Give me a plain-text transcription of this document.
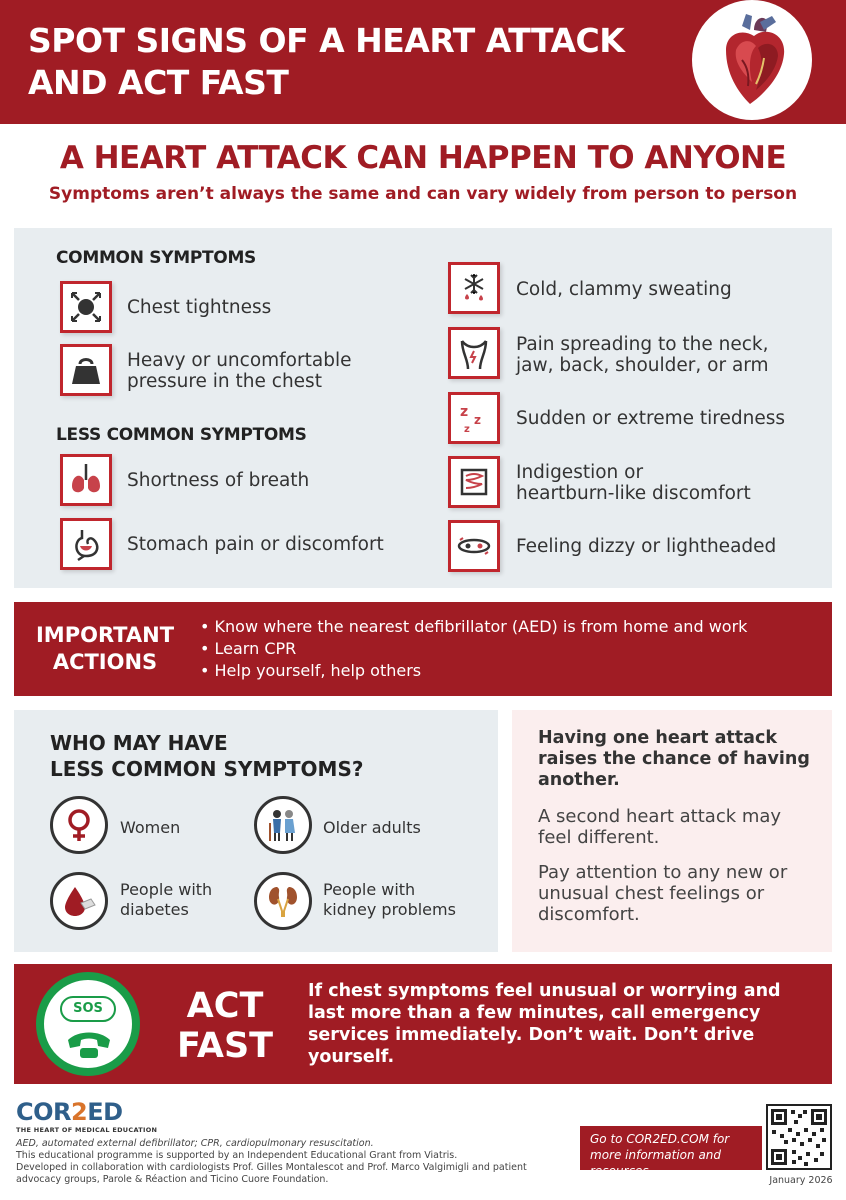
SPOT SIGNS OF A HEART ATTACK
AND ACT FAST
A HEART ATTACK CAN HAPPEN TO ANYONE
Symptoms aren’t always the same and can vary widely from person to person
COMMON SYMPTOMS
Chest tightness
Heavy or uncomfortable
pressure in the chest
LESS COMMON SYMPTOMS
Shortness of breath
Stomach pain or discomfort
Cold, clammy sweating
Pain spreading to the neck,
jaw, back, shoulder, or arm
z z
z
Sudden or extreme tiredness
Indigestion or
heartburn-like discomfort
Feeling dizzy or lightheaded
IMPORTANT
ACTIONS
• Know where the nearest defibrillator (AED) is from home and work
• Learn CPR
• Help yourself, help others
WHO MAY HAVE
LESS COMMON SYMPTOMS?
Women	Older adults
People with
diabetes
People with
kidney problems
Having one heart attack raises the chance of having another.
A second heart attack may feel different.
Pay attention to any new or unusual chest feelings or discomfort.
SOS	ACT
FAST
If chest symptoms feel unusual or worrying and last more than a few minutes, call emergency services immediately. Don’t wait. Don’t drive yourself.
COR2ED
THE HEART OF MEDICAL EDUCATION
AED, automated external defibrillator; CPR, cardiopulmonary resuscitation.
This educational programme is supported by an Independent Educational Grant from Viatris.
Developed in collaboration with cardiologists Prof. Gilles Montalescot and Prof. Marco Valgimigli and patient
advocacy groups, Parole & Réaction and Ticino Cuore Foundation.
Go to COR2ED.COM for more information and resources
January 2026
